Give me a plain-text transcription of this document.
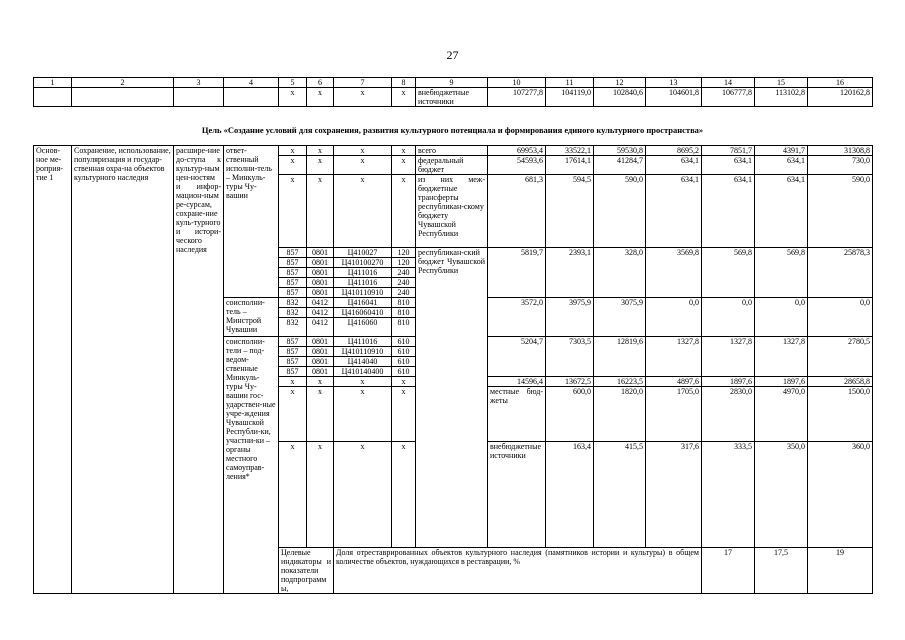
27
1	2	3	4	5	6	7	8	9	10	11	12	13	14	15	16
				x	x	x	x	внебюджетные источники	107277,8	104119,0	102840,6	104601,8	106777,8	113102,8	120162,8
Цель «Создание условий для сохранения, развития культурного потенциала и формирования единого культурного пространства»
Основ-ное ме-роприя-тие 1	Сохранение, использование, популяризация и государ-ственная охра-на объектов культурного наследия	расшире-ние до-ступа к культур-ным цен-ностям и инфор-мацион-ным ре-сурсам, сохране-ние куль-турного и истори-ческого наследия	ответ-ственный исполни-тель – Минкуль-туры Чу-вашии	x	x	x	x	всего	69953,4	33522,1	59530,8	8695,2	7851,7	4391,7	31308,8	
				x	x	x	x	федеральный бюджет	54593,6	17614,1	41284,7	634,1	634,1	634,1	730,0	
				x	x	x	x	из них меж-бюджетные трансферты республикан-скому бюджету Чувашской Республики	681,3	594,5	590,0	634,1	634,1	634,1	590,0	
				857	0801	Ц410027	120	республикан-ский бюджет Чувашской Республики	5819,7	2393,1	328,0	3569,8	569,8	569,8	25878,3	
				857	0801	Ц410100270	120									
				857	0801	Ц411016	240									
				857	0801	Ц411016	240									
				857	0801	Ц410110910	240									
			соисполни-тель – Минстрой Чувашии	832	0412	Ц416041	810		3572,0	3975,9	3075,9	0,0	0,0	0,0	0,0	
				832	0412	Ц416060410	810									
				832	0412	Ц416060	810									
			соисполни-тели – под-ведом-ственные Минкуль-туры Чу-вашии гос-ударствен-ные учре-ждения Чувашской Республи-ки, участни-ки – органы местного самоуправ-ления*	857	0801	Ц411016	610		5204,7	7303,5	12819,6	1327,8	1327,8	1327,8	2780,5	
				857	0801	Ц410110910	610									
				857	0801	Ц414040	610									
				857	0801	Ц410140400	610									
				x	x	x	x		14596,4	13672,5	16223,5	4897,6	1897,6	1897,6	28658,8	
				x	x	x	x		местные бюд-жеты	600,0	1820,0	1705,0	2830,0	4970,0	1500,0	
				x	x	x	x		внебюджетные источники	163,4	415,5	317,6	333,5	350,0	360,0	
				Целевые индикаторы и показатели подпрограммы,		Доля отреставрированных объектов культурного наследия (памятников истории и культуры) в общем количестве объектов, нуждающихся в реставрации, %							17	17,5	19				
